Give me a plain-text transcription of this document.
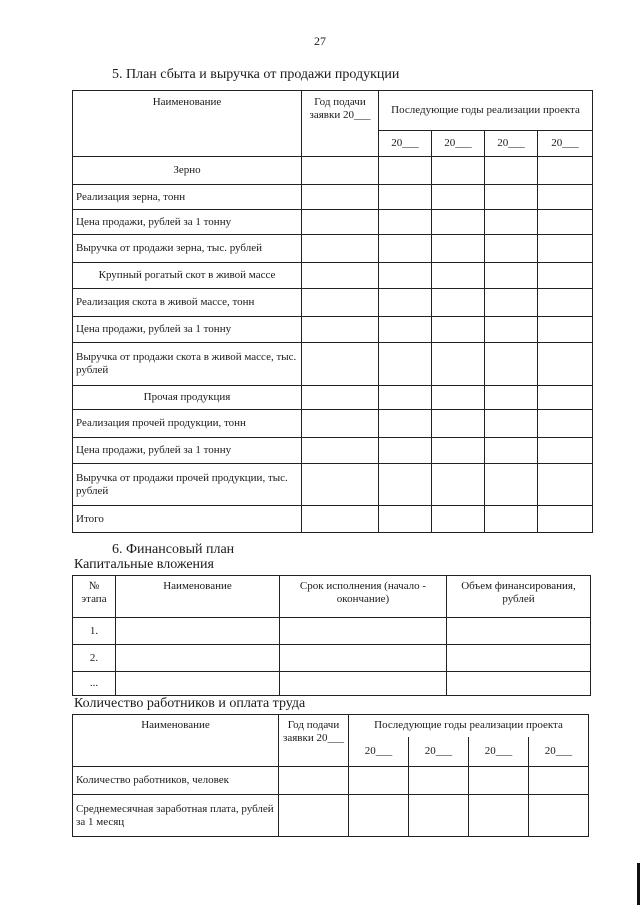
27
5. План сбыта и выручка от продажи продукции
Наименование	Год подачи заявки 20___	Последующие годы реализации проекта			
		20___	20___	20___	20___
Зерно					
Реализация зерна, тонн					
Цена продажи, рублей за 1 тонну					
Выручка от продажи зерна, тыс. рублей					
Крупный рогатый скот в живой массе					
Реализация скота в живой массе, тонн					
Цена продажи, рублей за 1 тонну					
Выручка от продажи скота в живой массе, тыс. рублей					
Прочая продукция					
Реализация прочей продукции, тонн					
Цена продажи, рублей за 1 тонну					
Выручка от продажи прочей продукции, тыс. рублей					
Итого					
6. Финансовый план
Капитальные вложения
№ этапа	Наименование	Срок исполнения (начало - окончание)	Объем финансирования, рублей
1.			
2.			
...			
Количество работников и оплата труда
Наименование	Год подачи заявки 20___	Последующие годы реализации проекта			
		20___	20___	20___	20___
Количество работников, человек					
Среднемесячная заработная плата, рублей за 1 месяц					
